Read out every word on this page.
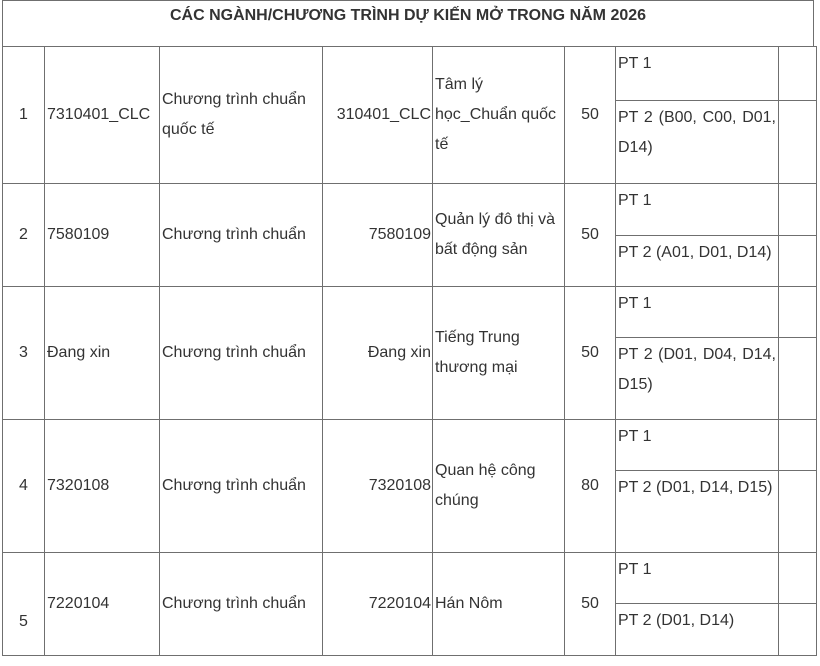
CÁC NGÀNH/CHƯƠNG TRÌNH DỰ KIẾN MỞ TRONG NĂM 2026
1	7310401_CLC	Chương trình chuẩn quốc tế	310401_CLC	Tâm lý học_Chuẩn quốc tế	50	PT 1	
						PT 2 (B00, C00, D01, D14)	
2	7580109	Chương trình chuẩn	7580109	Quản lý đô thị và bất động sản	50	PT 1	
						PT 2 (A01, D01, D14)	
3	Đang xin	Chương trình chuẩn	Đang xin	Tiếng Trung thương mại	50	PT 1	
						PT 2 (D01, D04, D14, D15)	
4	7320108	Chương trình chuẩn	7320108	Quan hệ công chúng	80	PT 1	
						PT 2 (D01, D14, D15)	
5	7220104	Chương trình chuẩn	7220104	Hán Nôm	50	PT 1	
						PT 2 (D01, D14)	
